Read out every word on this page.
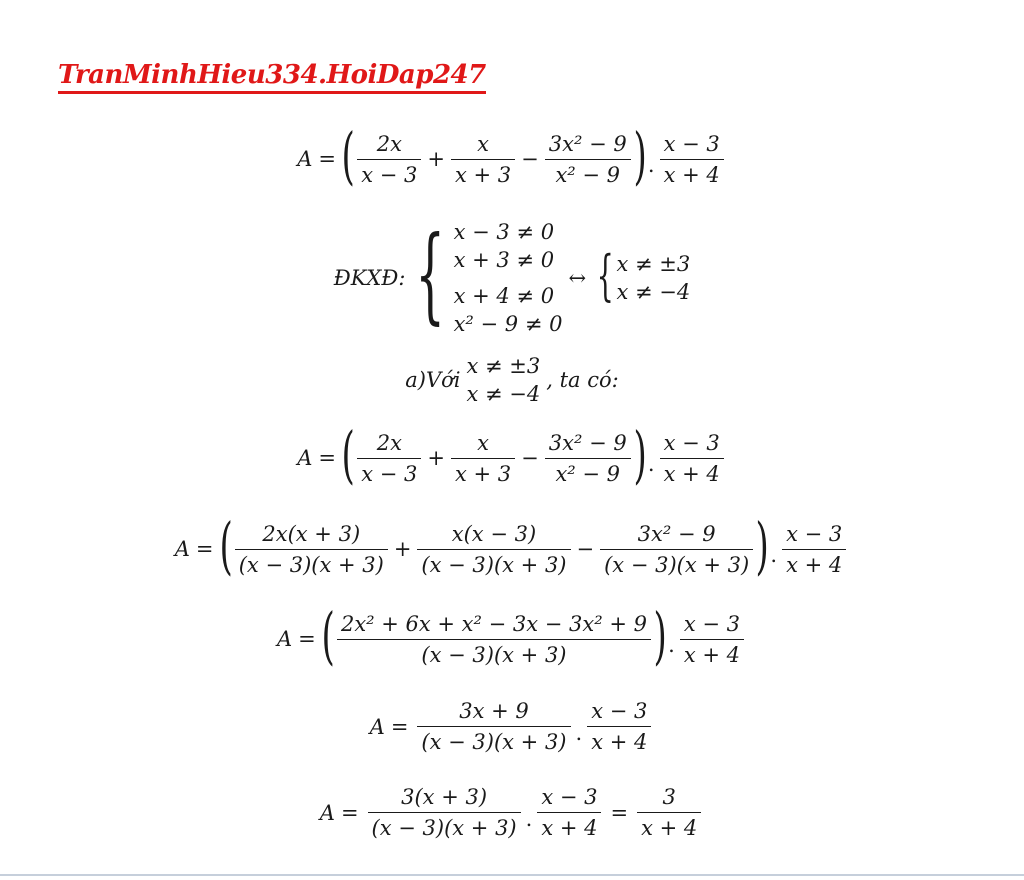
TranMinhHieu334.HoiDap247
A = ( $\frac{2x}{x - 3} + \frac{x}{x + 3} - \frac{\text{3x² − 9}}{\text{x² − 9}}$ ) . $\frac{x - 3}{x + 4}$
ĐKXĐ: { x − 3 ≠ 0
x + 3 ≠ 0
x + 4 ≠ 0
x² − 9 ≠ 0
↔ { x ≠ ±3
x ≠ −4
a)Với
x ≠ ±3
x ≠ −4
, ta có:
A = ( $\frac{2x}{x - 3} + \frac{x}{x + 3} - \frac{\text{3x² − 9}}{\text{x² − 9}}$ ) . $\frac{x - 3}{x + 4}$
A = ( $\frac{2x(x + 3)}{(x - 3)(x + 3)} + \frac{x(x - 3)}{(x - 3)(x + 3)} - \frac{\text{3x² − 9}}{(x - 3)(x + 3)}$ ) . $\frac{x - 3}{x + 4}$
A = ( $\frac{\text{2x² + 6x + x² − 3x − 3x² + 9}}{(x - 3)(x + 3)}$ ) . $\frac{x - 3}{x + 4}$
$A = \frac{3x + 9}{(x - 3)(x + 3)}$ . $\frac{x - 3}{x + 4}$
$A = \frac{3(x + 3)}{(x - 3)(x + 3)}$ . $\frac{x - 3}{x + 4} = \frac{3}{x + 4}$
